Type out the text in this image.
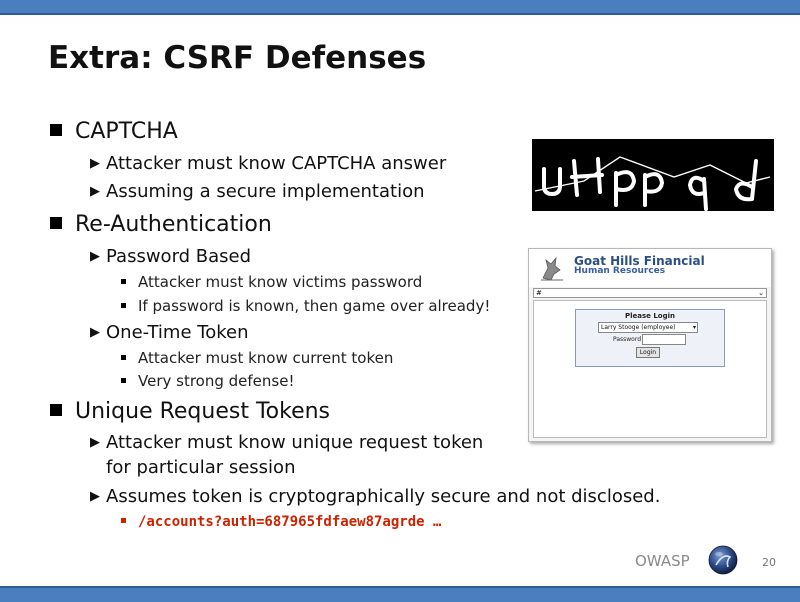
Extra: CSRF Defenses
CAPTCHA
▶ Attacker must know CAPTCHA answer
▶ Assuming a secure implementation
Re-Authentication
▶ Password Based
Attacker must know victims password
If password is known, then game over already!
▶ One-Time Token
Attacker must know current token
Very strong defense!
Unique Request Tokens
▶ Attacker must know unique request token
for particular session
▶ Assumes token is cryptographically secure and not disclosed.
/accounts?auth=687965fdfaew87agrde …
Goat Hills Financial
Human Resources
#	⌄
Please Login
Larry Stooge (employee)	▾
Password
Login
OWASP	20
